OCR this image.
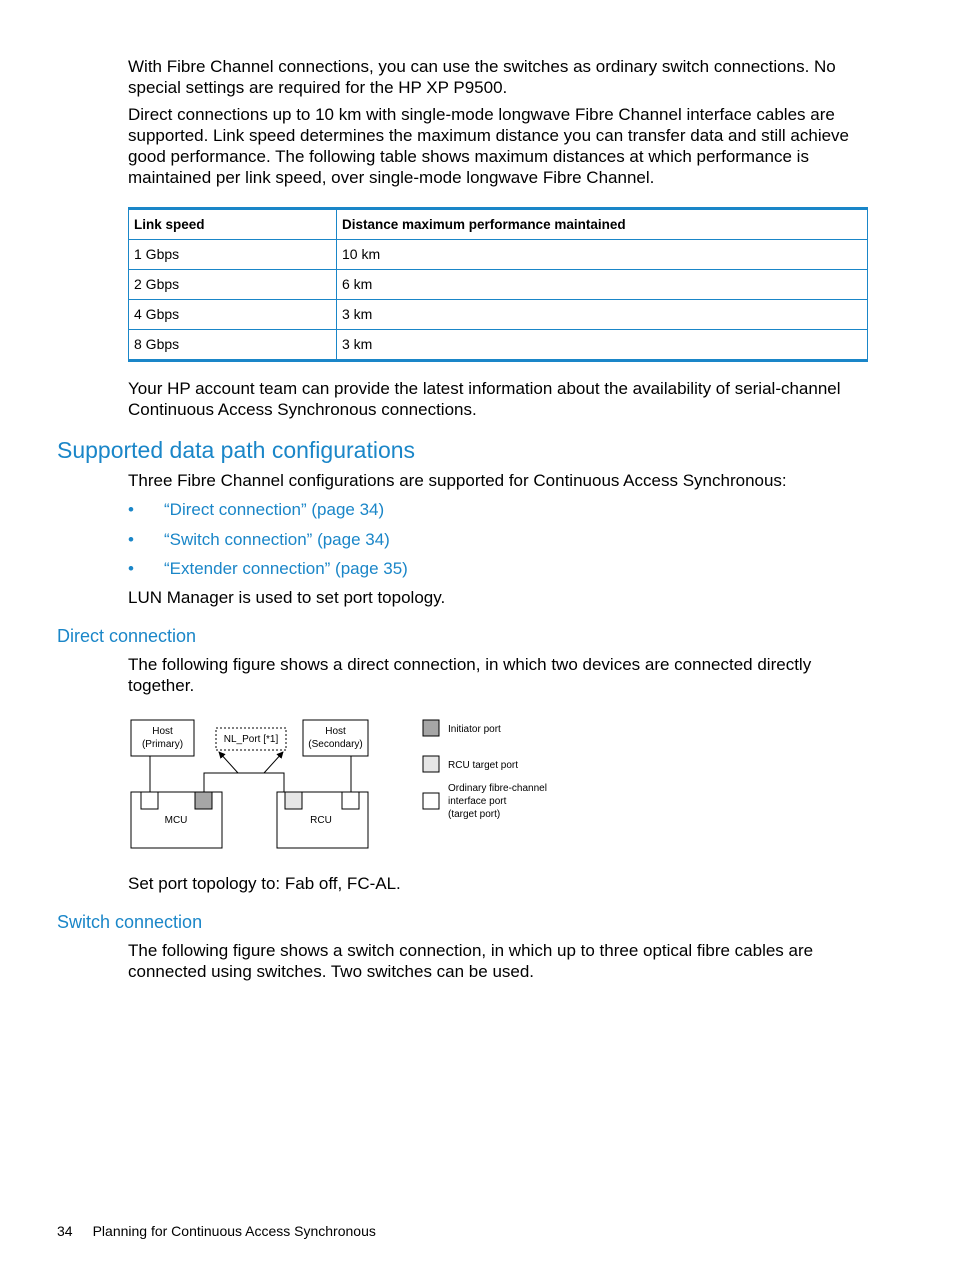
With Fibre Channel connections, you can use the switches as ordinary switch connections. No special settings are required for the HP XP P9500.

Direct connections up to 10 km with single-mode longwave Fibre Channel interface cables are supported. Link speed determines the maximum distance you can transfer data and still achieve good performance. The following table shows maximum distances at which performance is maintained per link speed, over single-mode longwave Fibre Channel.

Link speed	Distance maximum performance maintained
1 Gbps	10 km
2 Gbps	6 km
4 Gbps	3 km
8 Gbps	3 km

Your HP account team can provide the latest information about the availability of serial-channel Continuous Access Synchronous connections.

Supported data path configurations

Three Fibre Channel configurations are supported for Continuous Access Synchronous:

• “Direct connection” (page 34)
• “Switch connection” (page 34)
• “Extender connection” (page 35)

LUN Manager is used to set port topology.

Direct connection

The following figure shows a direct connection, in which two devices are connected directly together.

Host
(Primary)	NL_Port [*1]
Host
(Secondary)
MCU	RCU
Initiator port
RCU target port
Ordinary fibre-channel
interface port
(target port)

Set port topology to: Fab off, FC-AL.

Switch connection

The following figure shows a switch connection, in which up to three optical fibre cables are connected using switches. Two switches can be used.

34 Planning for Continuous Access Synchronous
